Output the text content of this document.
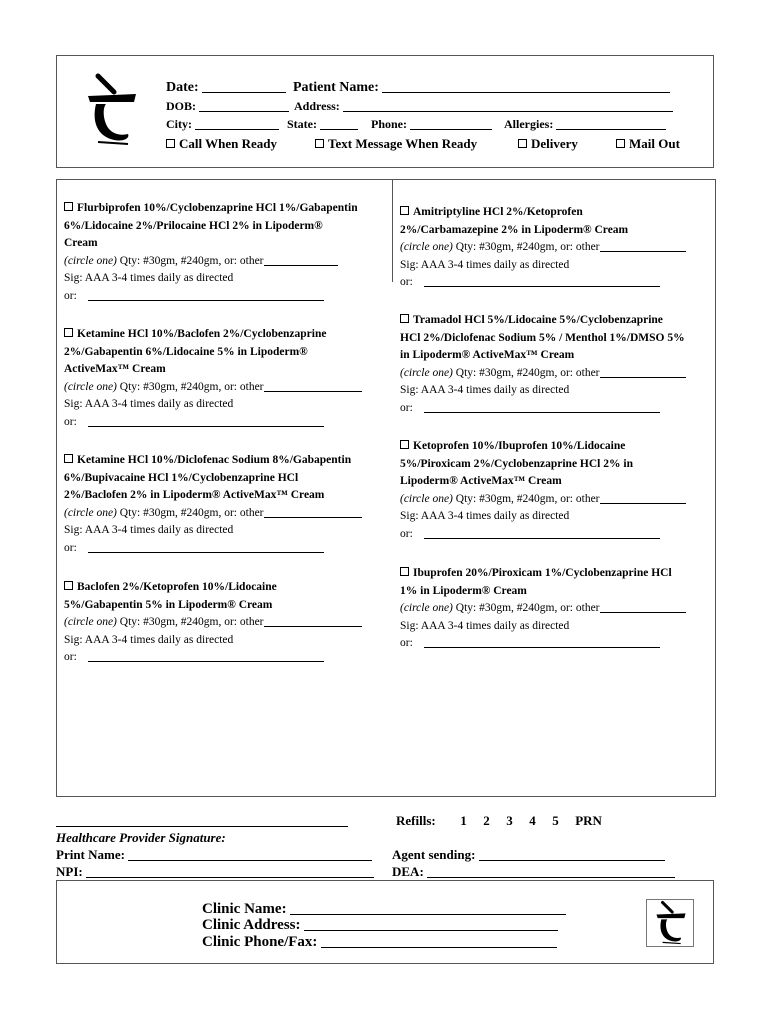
Date:	Patient Name:
DOB:	Address:
City:	State:	Phone:	Allergies:
Call When Ready	Text Message When Ready	Delivery	Mail Out
Flurbiprofen 10%/Cyclobenzaprine HCl 1%/Gabapentin
6%/Lidocaine 2%/Prilocaine HCl 2% in Lipoderm®
Cream
(circle one) Qty: #30gm, #240gm, or: other
Sig: AAA 3-4 times daily as directed
or:
Ketamine HCl 10%/Baclofen 2%/Cyclobenzaprine
2%/Gabapentin 6%/Lidocaine 5% in Lipoderm®
ActiveMax™ Cream
(circle one) Qty: #30gm, #240gm, or: other
Sig: AAA 3-4 times daily as directed
or:
Ketamine HCl 10%/Diclofenac Sodium 8%/Gabapentin
6%/Bupivacaine HCl 1%/Cyclobenzaprine HCl
2%/Baclofen 2% in Lipoderm® ActiveMax™ Cream
(circle one) Qty: #30gm, #240gm, or: other
Sig: AAA 3-4 times daily as directed
or:
Baclofen 2%/Ketoprofen 10%/Lidocaine
5%/Gabapentin 5% in Lipoderm® Cream
(circle one) Qty: #30gm, #240gm, or: other
Sig: AAA 3-4 times daily as directed
or:
Amitriptyline HCl 2%/Ketoprofen
2%/Carbamazepine 2% in Lipoderm® Cream
(circle one) Qty: #30gm, #240gm, or: other
Sig: AAA 3-4 times daily as directed
or:
Tramadol HCl 5%/Lidocaine 5%/Cyclobenzaprine
HCl 2%/Diclofenac Sodium 5% / Menthol 1%/DMSO 5%
in Lipoderm® ActiveMax™ Cream
(circle one) Qty: #30gm, #240gm, or: other
Sig: AAA 3-4 times daily as directed
or:
Ketoprofen 10%/Ibuprofen 10%/Lidocaine
5%/Piroxicam 2%/Cyclobenzaprine HCl 2% in
Lipoderm® ActiveMax™ Cream
(circle one) Qty: #30gm, #240gm, or: other
Sig: AAA 3-4 times daily as directed
or:
Ibuprofen 20%/Piroxicam 1%/Cyclobenzaprine HCl
1% in Lipoderm® Cream
(circle one) Qty: #30gm, #240gm, or: other
Sig: AAA 3-4 times daily as directed
or:
Healthcare Provider Signature:
Refills: 1 2 3 4 5 PRN
Print Name:
NPI:
Agent sending:
DEA:
Clinic Name:
Clinic Address:
Clinic Phone/Fax:
